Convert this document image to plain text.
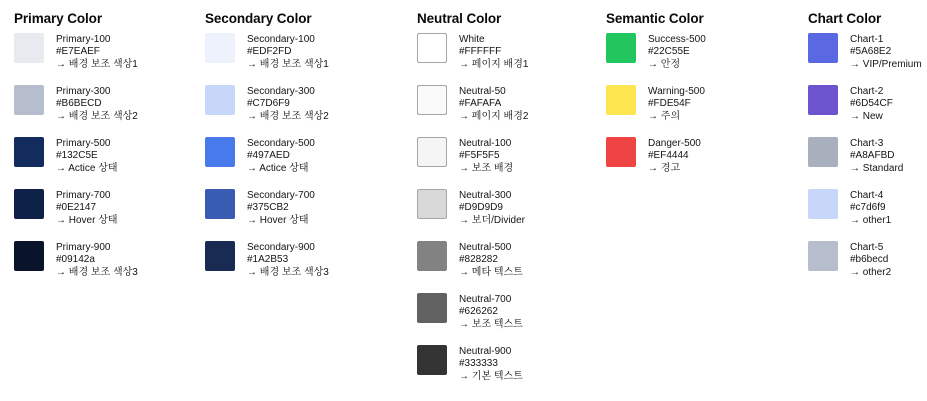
Primary Color

Primary-100

#E7EAEF

→ 배경 보조 색상1

Primary-300

#B6BECD

→ 배경 보조 색상2

Primary-500

#132C5E

→ Actice 상태

Primary-700

#0E2147

→ Hover 상태

Primary-900

#09142a

→ 배경 보조 색상3

Secondary Color

Secondary-100

#EDF2FD

→ 배경 보조 색상1

Secondary-300

#C7D6F9

→ 배경 보조 색상2

Secondary-500

#497AED

→ Actice 상태

Secondary-700

#375CB2

→ Hover 상태

Secondary-900

#1A2B53

→ 배경 보조 색상3

Neutral Color

White

#FFFFFF

→ 페이지 배경1

Neutral-50

#FAFAFA

→ 페이지 배경2

Neutral-100

#F5F5F5

→ 보조 배경

Neutral-300

#D9D9D9

→ 보더/Divider

Neutral-500

#828282

→ 메타 텍스트

Neutral-700

#626262

→ 보조 텍스트

Neutral-900

#333333

→ 기본 텍스트

Semantic Color

Success-500

#22C55E

→ 안정

Warning-500

#FDE54F

→ 주의

Danger-500

#EF4444

→ 경고

Chart Color

Chart-1

#5A68E2

→ VIP/Premium

Chart-2

#6D54CF

→ New

Chart-3

#A8AFBD

→ Standard

Chart-4

#c7d6f9

→ other1

Chart-5

#b6becd

→ other2
